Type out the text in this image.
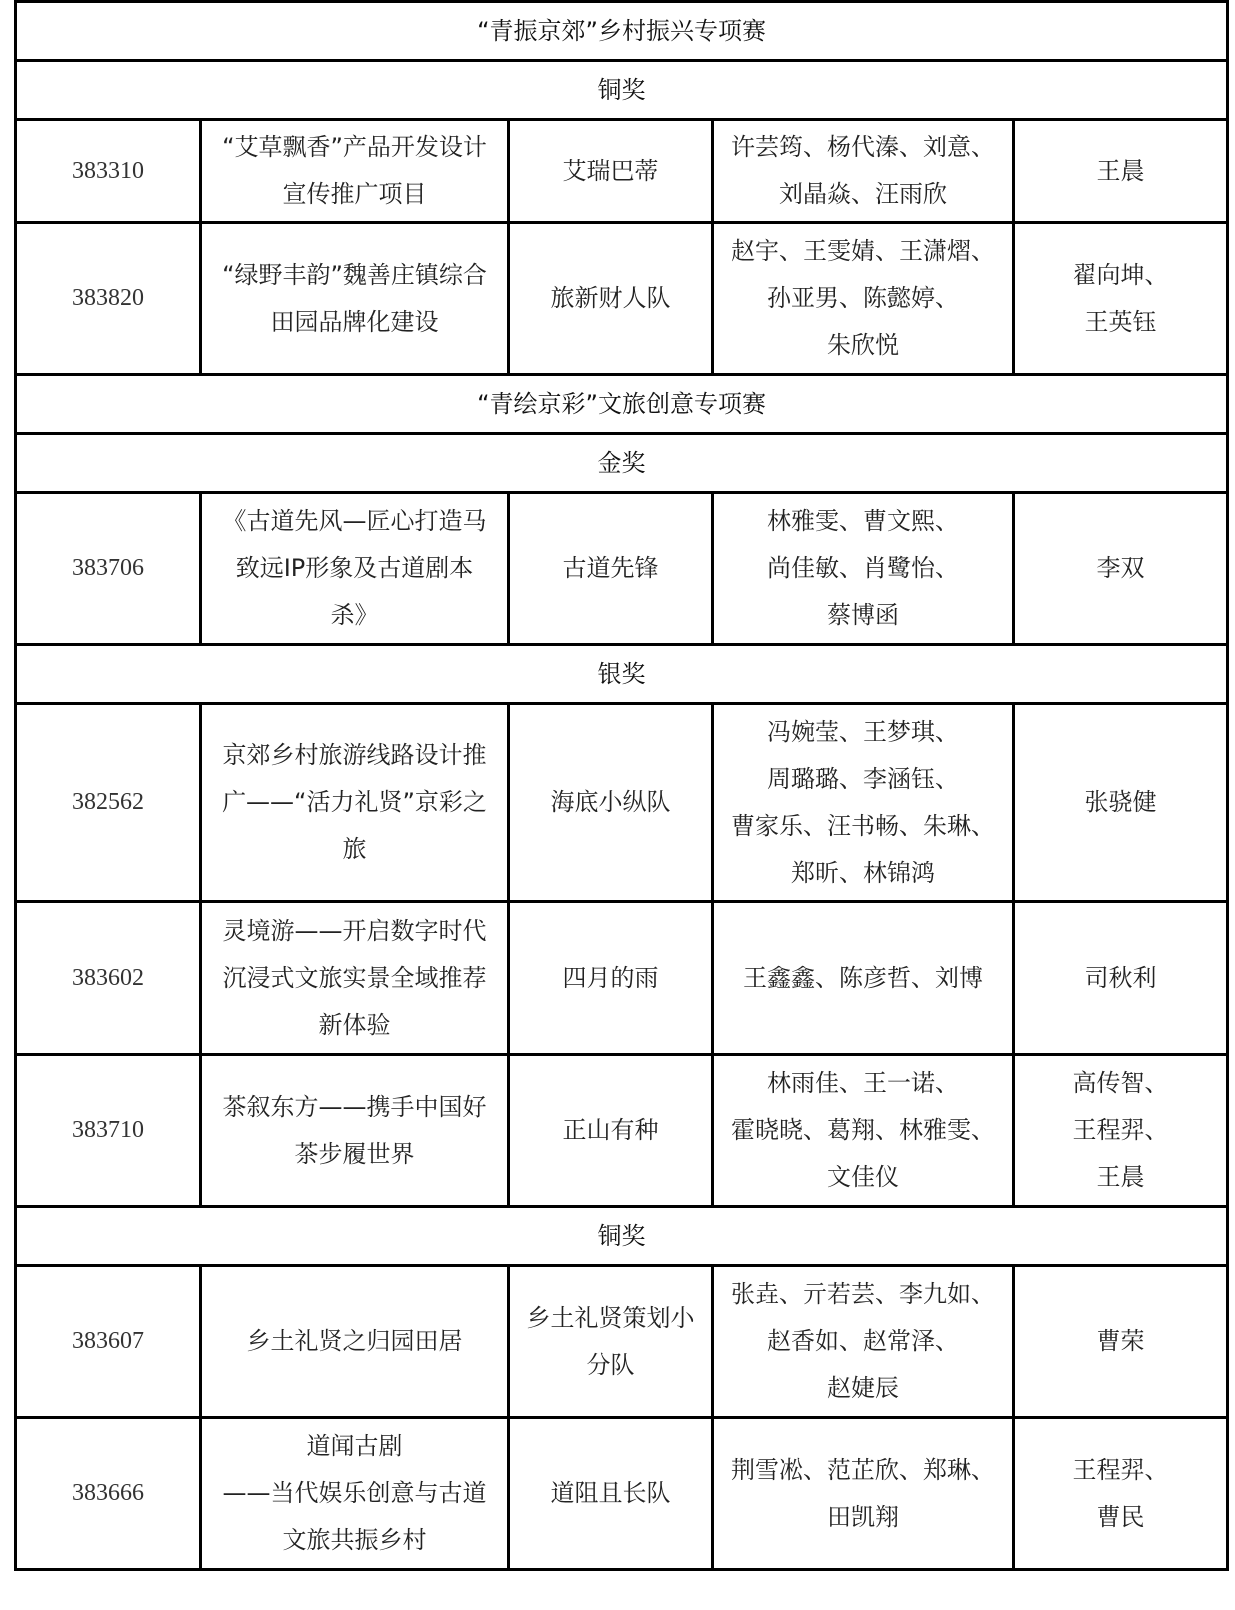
“青振京郊”乡村振兴专项赛				
铜奖				
383310	“艾草飘香”产品开发设计
宣传推广项目	艾瑞巴蒂	许芸筠、杨代溱、刘意、
刘晶焱、汪雨欣	王晨

383820	“绿野丰韵”魏善庄镇综合
田园品牌化建设	旅新财人队	赵宇、王雯婧、王潇熠、
孙亚男、陈懿婷、
朱欣悦	翟向坤、
王英钰

“青绘京彩”文旅创意专项赛				
金奖				
383706	《古道先风—匠心打造马
致远IP形象及古道剧本
杀》	古道先锋	林雅雯、曹文熙、
尚佳敏、肖鹭怡、
蔡博函	李双

银奖				
382562	京郊乡村旅游线路设计推
广——“活力礼贤”京彩之
旅	海底小纵队	冯婉莹、王梦琪、
周璐璐、李涵钰、
曹家乐、汪书畅、朱琳、
郑昕、林锦鸿	张骁健

383602	灵境游——开启数字时代
沉浸式文旅实景全域推荐
新体验	四月的雨	王鑫鑫、陈彦哲、刘博	司秋利

383710	茶叙东方——携手中国好
茶步履世界	正山有种	林雨佳、王一诺、
霍晓晓、葛翔、林雅雯、
文佳仪	高传智、
王程羿、
王晨

铜奖				
383607	乡土礼贤之归园田居	乡土礼贤策划小
分队	张垚、亓若芸、李九如、
赵香如、赵常泽、
赵婕辰	曹荣

383666	道闻古剧
——当代娱乐创意与古道
文旅共振乡村	道阻且长队	荆雪凇、范芷欣、郑琳、
田凯翔	王程羿、
曹民
